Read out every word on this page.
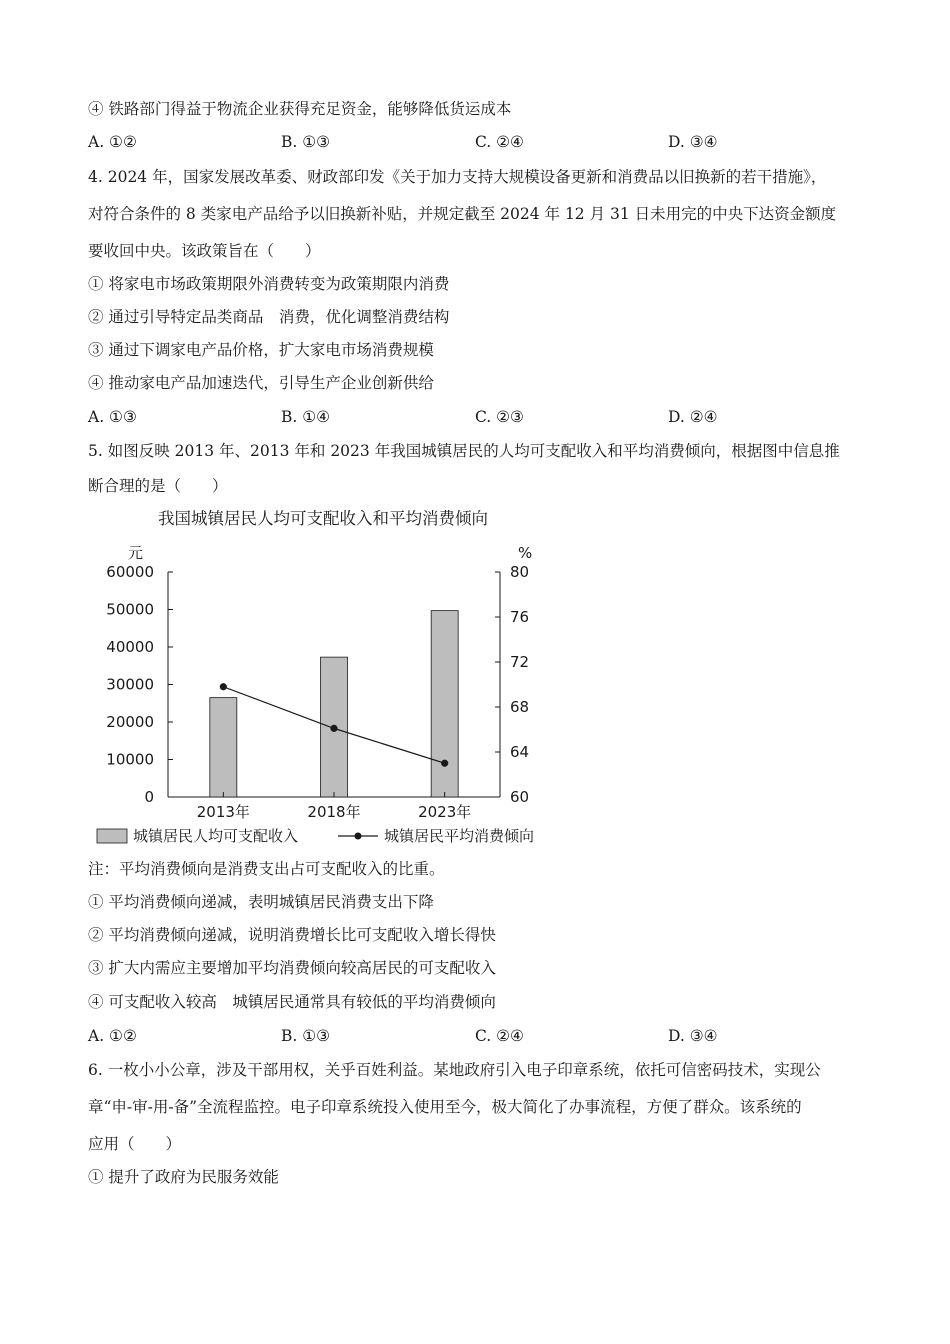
④ 铁路部门得益于物流企业获得充足资金，能够降低货运成本
A. ①②	B. ①③	C. ②④	D. ③④
4. 2024 年，国家发展改革委、财政部印发《关于加力支持大规模设备更新和消费品以旧换新的若干措施》，
对符合条件的 8 类家电产品给予以旧换新补贴，并规定截至 2024 年 12 月 31 日未用完的中央下达资金额度
要收回中央。该政策旨在（　　）
① 将家电市场政策期限外消费转变为政策期限内消费
② 通过引导特定品类商品　消费，优化调整消费结构
③ 通过下调家电产品价格，扩大家电市场消费规模
④ 推动家电产品加速迭代，引导生产企业创新供给
A. ①③	B. ①④	C. ②③	D. ②④
5. 如图反映 2013 年、2013 年和 2023 年我国城镇居民的人均可支配收入和平均消费倾向，根据图中信息推
断合理的是（　　）
我国城镇居民人均可支配收入和平均消费倾向
元	%
0
10000
20000
30000
40000
50000
60000
60
64
68
72
76
80
2013年	2018年	2023年
城镇居民人均可支配收入	城镇居民平均消费倾向
注：平均消费倾向是消费支出占可支配收入的比重。
① 平均消费倾向递减，表明城镇居民消费支出下降
② 平均消费倾向递减，说明消费增长比可支配收入增长得快
③ 扩大内需应主要增加平均消费倾向较高居民的可支配收入
④ 可支配收入较高　城镇居民通常具有较低的平均消费倾向
A. ①②	B. ①③	C. ②④	D. ③④
6. 一枚小小公章，涉及干部用权，关乎百姓利益。某地政府引入电子印章系统，依托可信密码技术，实现公
章“申-审-用-备”全流程监控。电子印章系统投入使用至今，极大简化了办事流程，方便了群众。该系统的
应用（　　）
① 提升了政府为民服务效能
